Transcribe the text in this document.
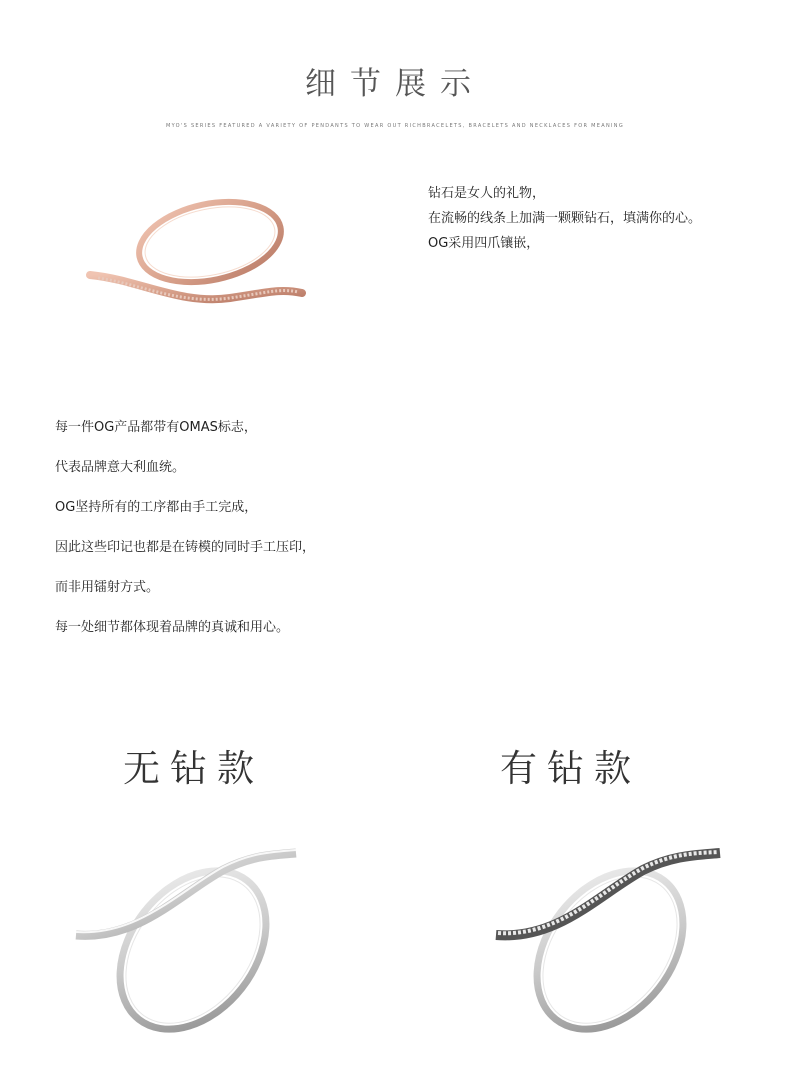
细节展示
MYO'S SERIES FEATURED A VARIETY OF PENDANTS TO WEAR OUT RICHBRACELETS, BRACELETS AND NECKLACES FOR MEANING
钻石是女人的礼物，
在流畅的线条上加满一颗颗钻石，填满你的心。
OG采用四爪镶嵌，
每一件OG产品都带有OMAS标志，
代表品牌意大利血统。
OG坚持所有的工序都由手工完成，
因此这些印记也都是在铸模的同时手工压印，
而非用镭射方式。
每一处细节都体现着品牌的真诚和用心。
无钻款	有钻款
